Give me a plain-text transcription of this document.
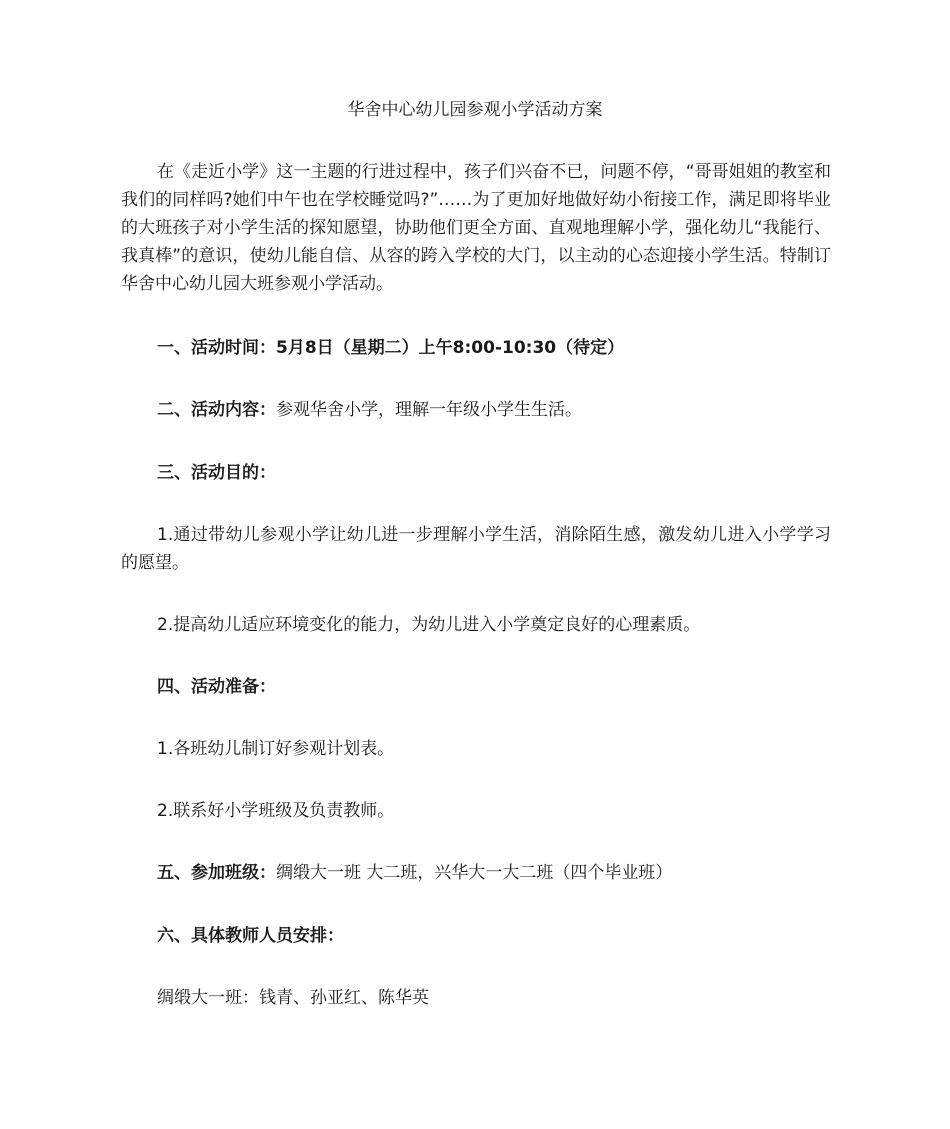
华舍中心幼儿园参观小学活动方案

在《走近小学》这一主题的行进过程中，孩子们兴奋不已，问题不停，“哥哥姐姐的教室和我们的同样吗?她们中午也在学校睡觉吗?”……为了更加好地做好幼小衔接工作，满足即将毕业的大班孩子对小学生活的探知愿望，协助他们更全方面、直观地理解小学，强化幼儿“我能行、我真棒”的意识，使幼儿能自信、从容的跨入学校的大门，以主动的心态迎接小学生活。特制订华舍中心幼儿园大班参观小学活动。

一、活动时间：5月8日（星期二）上午8:00-10:30（待定）

二、活动内容：参观华舍小学，理解一年级小学生生活。

三、活动目的：

1.通过带幼儿参观小学让幼儿进一步理解小学生活，消除陌生感，激发幼儿进入小学学习的愿望。

2.提高幼儿适应环境变化的能力，为幼儿进入小学奠定良好的心理素质。

四、活动准备：

1.各班幼儿制订好参观计划表。

2.联系好小学班级及负责教师。

五、参加班级：绸缎大一班 大二班，兴华大一大二班（四个毕业班）

六、具体教师人员安排：

绸缎大一班：钱青、孙亚红、陈华英
